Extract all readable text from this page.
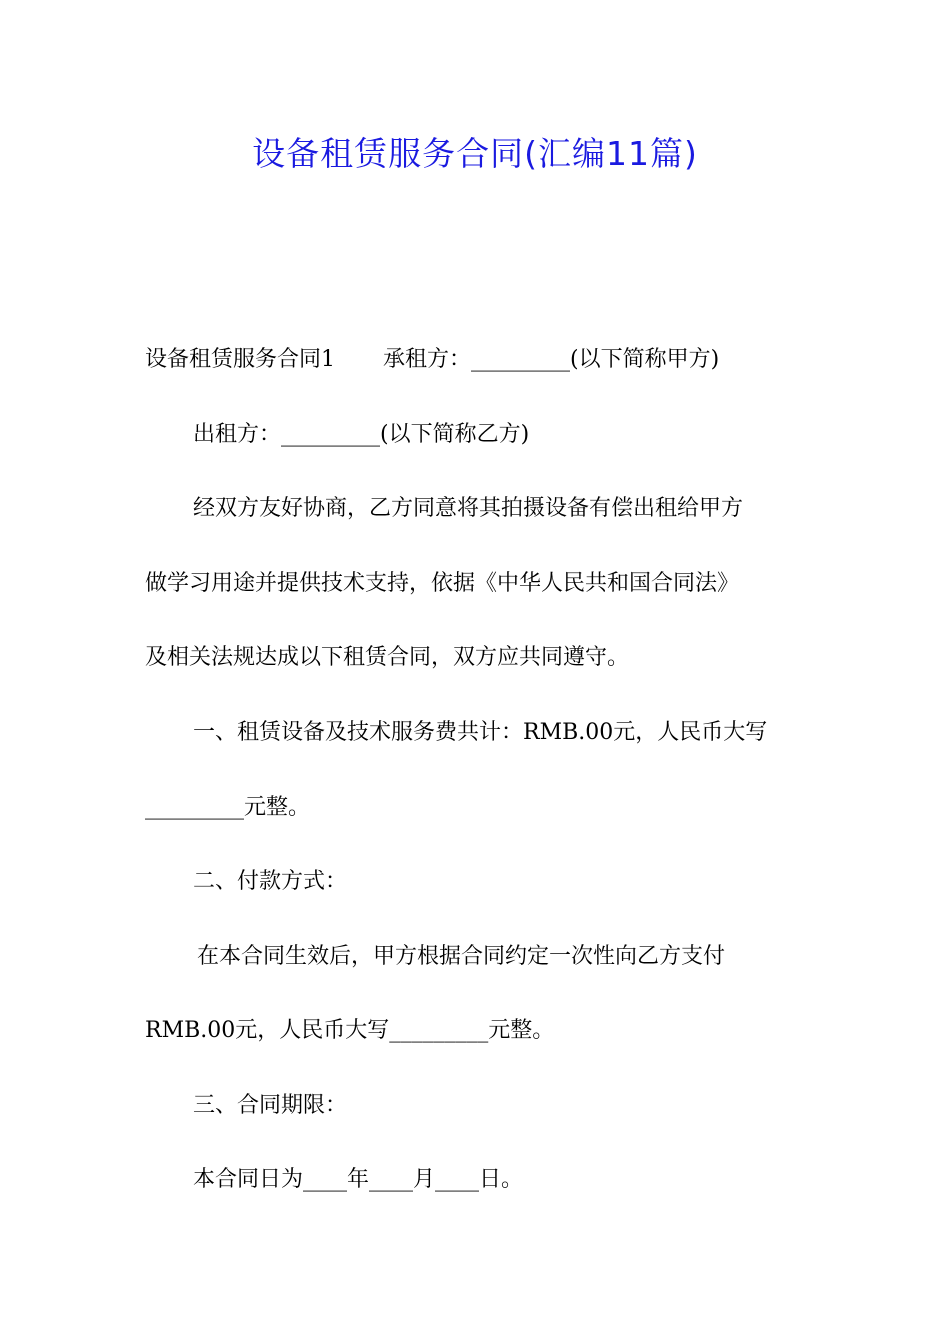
设备租赁服务合同(汇编11篇)
设备租赁服务合同1 承租方：_________(以下简称甲方)
出租方：_________(以下简称乙方)
经双方友好协商，乙方同意将其拍摄设备有偿出租给甲方
做学习用途并提供技术支持，依据《中华人民共和国合同法》
及相关法规达成以下租赁合同，双方应共同遵守。
一、租赁设备及技术服务费共计：RMB.00元，人民币大写
_________元整。
二、付款方式：
在本合同生效后，甲方根据合同约定一次性向乙方支付
RMB.00元，人民币大写_________元整。
三、合同期限：
本合同日为____年____月____日。
